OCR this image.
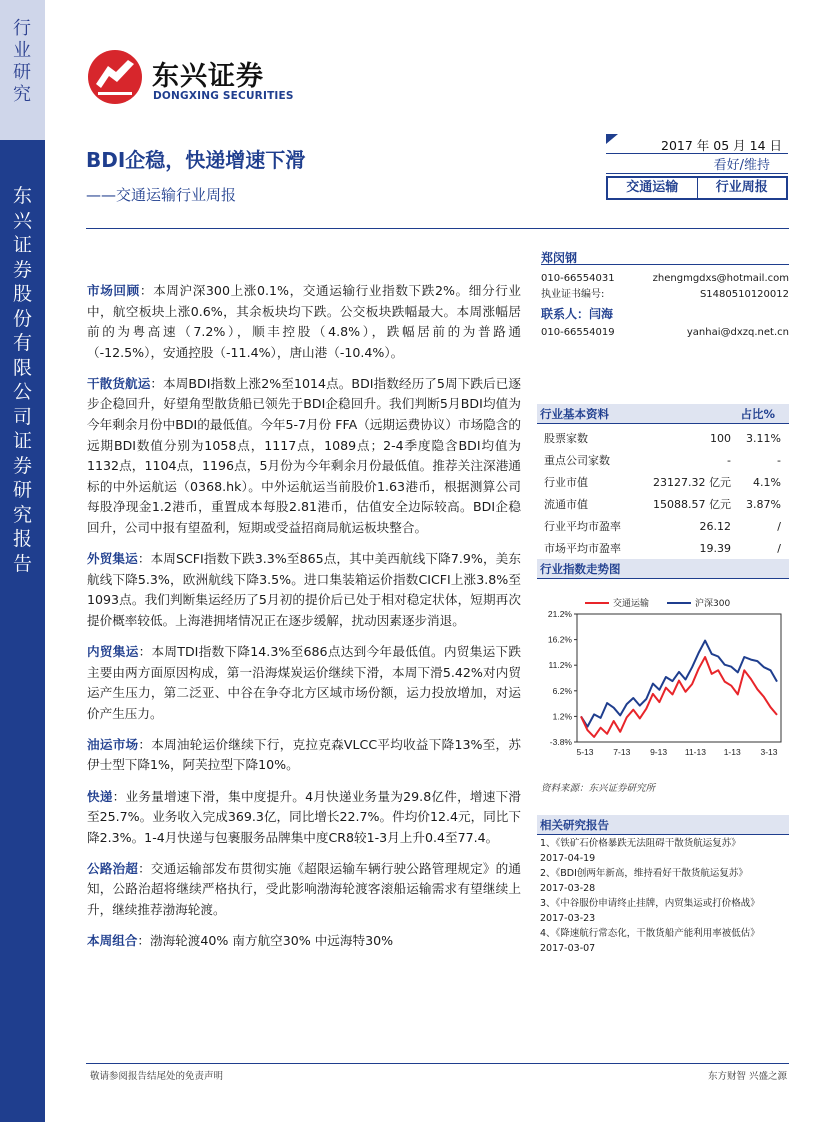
行
业
研
究
东
兴
证
券
股
份
有
限
公
司
证
券
研
究
报
告
东兴证券
DONGXING SECURITIES
BDI企稳，快递增速下滑
——交通运输行业周报
2017 年 05 月 14 日
看好/维持
交通运输	行业周报
市场回顾：本周沪深300上涨0.1%，交通运输行业指数下跌2%。细分行业中，航空板块上涨0.6%，其余板块均下跌。公交板块跌幅最大。本周涨幅居前的为粤高速（7.2%），顺丰控股（4.8%），跌幅居前的为普路通（-12.5%），安通控股（-11.4%），唐山港（-10.4%）。
干散货航运：本周BDI指数上涨2%至1014点。BDI指数经历了5周下跌后已逐步企稳回升，好望角型散货船已领先于BDI企稳回升。我们判断5月BDI均值为今年剩余月份中BDI的最低值。今年5-7月份 FFA（远期运费协议）市场隐含的远期BDI数值分别为1058点，1117点，1089点；2-4季度隐含BDI均值为1132点，1104点，1196点，5月份为今年剩余月份最低值。推荐关注深港通标的中外运航运（0368.hk）。中外运航运当前股价1.63港币，根据测算公司每股净现金1.2港币，重置成本每股2.81港币，估值安全边际较高。BDI企稳回升，公司中报有望盈利，短期或受益招商局航运板块整合。
外贸集运：本周SCFI指数下跌3.3%至865点，其中美西航线下降7.9%，美东航线下降5.3%，欧洲航线下降3.5%。进口集装箱运价指数CICFI上涨3.8%至1093点。我们判断集运经历了5月初的提价后已处于相对稳定状体，短期再次提价概率较低。上海港拥堵情况正在逐步缓解，扰动因素逐步消退。
内贸集运：本周TDI指数下降14.3%至686点达到今年最低值。内贸集运下跌主要由两方面原因构成，第一沿海煤炭运价继续下滑，本周下滑5.42%对内贸运产生压力，第二泛亚、中谷在争夺北方区域市场份额，运力投放增加，对运价产生压力。
油运市场：本周油轮运价继续下行，克拉克森VLCC平均收益下降13%至，苏伊士型下降1%，阿芙拉型下降10%。
快递：业务量增速下滑，集中度提升。4月快递业务量为29.8亿件，增速下滑至25.7%。业务收入完成369.3亿，同比增长22.7%。件均价12.4元，同比下降2.3%。1-4月快递与包裹服务品牌集中度CR8较1-3月上升0.4至77.4。
公路治超：交通运输部发布贯彻实施《超限运输车辆行驶公路管理规定》的通知，公路治超将继续严格执行，受此影响渤海轮渡客滚船运输需求有望继续上升，继续推荐渤海轮渡。
本周组合：渤海轮渡40% 南方航空30% 中远海特30%
郑闵钢
010-66554031	zhengmgdxs@hotmail.com
执业证书编号:	S1480510120012
联系人：闫海
010-66554019	yanhai@dxzq.net.cn
行业基本资料	占比%
股票家数	100 3.11%
重点公司家数	-	-
行业市值	23127.32 亿元 4.1%
流通市值	15088.57 亿元 3.87%
行业平均市盈率	26.12	/
市场平均市盈率	19.39	/
行业指数走势图
21.2%
16.2%
11.2%
6.2%
1.2%
-3.8%
5-13 7-13 9-13 11-13 1-13 3-13
交通运输	沪深300
资料来源：东兴证券研究所
相关研究报告
1、《铁矿石价格暴跌无法阻碍干散货航运复苏》
2017-04-19
2、《BDI创两年新高，维持看好干散货航运复苏》
2017-03-28
3、《中谷服份申请终止挂牌，内贸集运或打价格战》
2017-03-23
4、《降速航行常态化，干散货船产能利用率被低估》
2017-03-07
敬请参阅报告结尾处的免责声明	东方财智 兴盛之源
